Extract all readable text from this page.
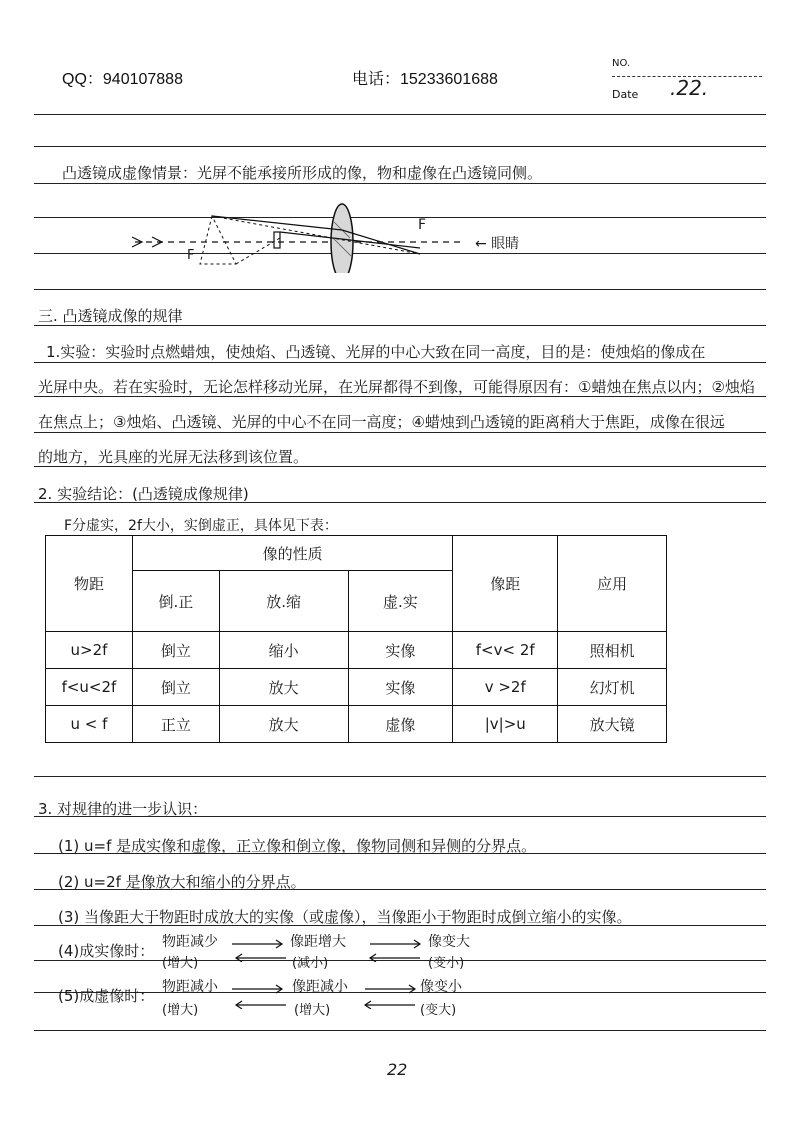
QQ：940107888	电话：15233601688
NO.
Date .22.
凸透镜成虚像情景：光屏不能承接所形成的像，物和虚像在凸透镜同侧。
F
F
← 眼睛
三. 凸透镜成像的规律
1.实验：实验时点燃蜡烛，使烛焰、凸透镜、光屏的中心大致在同一高度，目的是：使烛焰的像成在
光屏中央。若在实验时，无论怎样移动光屏，在光屏都得不到像，可能得原因有：①蜡烛在焦点以内；②烛焰
在焦点上；③烛焰、凸透镜、光屏的中心不在同一高度；④蜡烛到凸透镜的距离稍大于焦距，成像在很远
的地方，光具座的光屏无法移到该位置。
2. 实验结论：(凸透镜成像规律)
F分虚实，2f大小，实倒虚正，具体见下表：
物距	像的性质			像距	应用
	倒.正	放.缩	虚.实		
u>2f	倒立	缩小	实像	f<v< 2f	照相机
f<u<2f	倒立	放大	实像	v >2f	幻灯机
u < f	正立	放大	虚像	|v|>u	放大镜
3. 对规律的进一步认识：
(1) u=f 是成实像和虚像，正立像和倒立像，像物同侧和异侧的分界点。
(2) u=2f 是像放大和缩小的分界点。
(3) 当像距大于物距时成放大的实像（或虚像），当像距小于物距时成倒立缩小的实像。
(4)成实像时： 物距减少
(增大)
像距增大
(减小)
像变大
(变小)
(5)成虚像时： 物距减小
(增大)
像距减小
(增大)
像变小
(变大)
22
